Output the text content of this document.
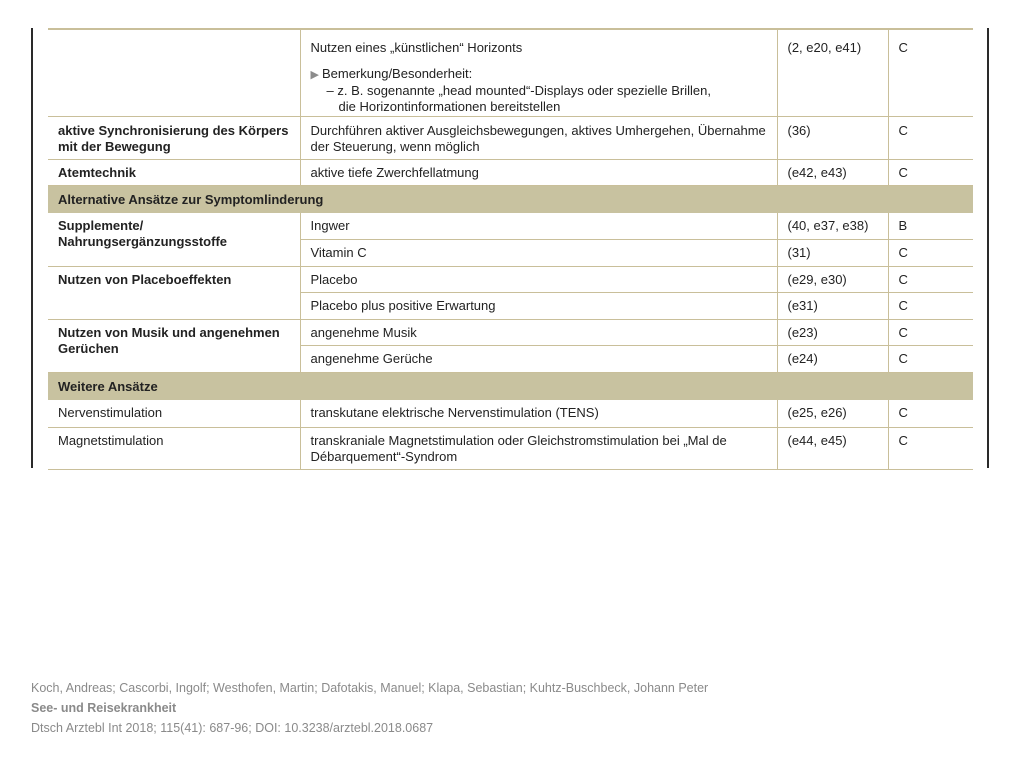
	Nutzen eines „künstlichen“ Horizonts
▶ Bemerkung/Besonderheit:
– z. B. sogenannte „head mounted“-Displays oder spezielle Brillen,
die Horizontinformationen bereitstellen	(2, e20, e41)	C
aktive Synchronisierung des Körpers mit der Bewegung	Durchführen aktiver Ausgleichsbewegungen, aktives Umhergehen, Übernahme der Steuerung, wenn möglich	(36)	C
Atemtechnik	aktive tiefe Zwerchfellatmung	(e42, e43)	C
Alternative Ansätze zur Symptomlinderung			
Supplemente/ Nahrungsergänzungsstoffe	Ingwer	(40, e37, e38)	B
	Vitamin C	(31)	C
Nutzen von Placeboeffekten	Placebo	(e29, e30)	C
	Placebo plus positive Erwartung	(e31)	C
Nutzen von Musik und angenehmen Gerüchen	angenehme Musik	(e23)	C
	angenehme Gerüche	(e24)	C
Weitere Ansätze			
Nervenstimulation	transkutane elektrische Nervenstimulation (TENS)	(e25, e26)	C
Magnetstimulation	transkraniale Magnetstimulation oder Gleichstromstimulation bei „Mal de Débarquement“-Syndrom	(e44, e45)	C
Koch, Andreas; Cascorbi, Ingolf; Westhofen, Martin; Dafotakis, Manuel; Klapa, Sebastian; Kuhtz-Buschbeck, Johann Peter
See- und Reisekrankheit
Dtsch Arztebl Int 2018; 115(41): 687-96; DOI: 10.3238/arztebl.2018.0687
